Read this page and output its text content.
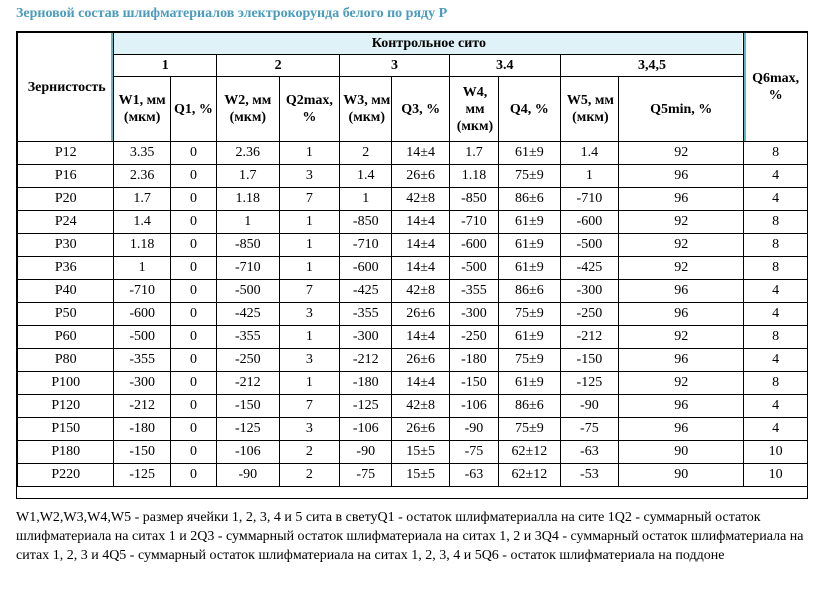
Зерновой состав шлифматериалов электрокорунда белого по ряду Р
Зернистость	Контрольное сито										Q6max, %
	1		2		3		3.4		3,4,5		
	W1, мм (мкм)	Q1, %	W2, мм (мкм)	Q2max, %	W3, мм (мкм)	Q3, %	W4, мм (мкм)	Q4, %	W5, мм (мкм)	Q5min, %	
P12	3.35	0	2.36	1	2	14±4	1.7	61±9	1.4	92	8
P16	2.36	0	1.7	3	1.4	26±6	1.18	75±9	1	96	4
P20	1.7	0	1.18	7	1	42±8	-850	86±6	-710	96	4
P24	1.4	0	1	1	-850	14±4	-710	61±9	-600	92	8
P30	1.18	0	-850	1	-710	14±4	-600	61±9	-500	92	8
P36	1	0	-710	1	-600	14±4	-500	61±9	-425	92	8
P40	-710	0	-500	7	-425	42±8	-355	86±6	-300	96	4
P50	-600	0	-425	3	-355	26±6	-300	75±9	-250	96	4
P60	-500	0	-355	1	-300	14±4	-250	61±9	-212	92	8
P80	-355	0	-250	3	-212	26±6	-180	75±9	-150	96	4
P100	-300	0	-212	1	-180	14±4	-150	61±9	-125	92	8
P120	-212	0	-150	7	-125	42±8	-106	86±6	-90	96	4
P150	-180	0	-125	3	-106	26±6	-90	75±9	-75	96	4
P180	-150	0	-106	2	-90	15±5	-75	62±12	-63	90	10
P220	-125	0	-90	2	-75	15±5	-63	62±12	-53	90	10
W1,W2,W3,W4,W5 - размер ячейки 1, 2, 3, 4 и 5 сита в светуQ1 - остаток шлифматериалла на сите 1Q2 - суммарный остаток шлифматериала на ситах 1 и 2Q3 - суммарный остаток шлифматериала на ситах 1, 2 и 3Q4 - суммарный остаток шлифматериала на ситах 1, 2, 3 и 4Q5 - суммарный остаток шлифматериала на ситах 1, 2, 3, 4 и 5Q6 - остаток шлифматериала на поддоне
